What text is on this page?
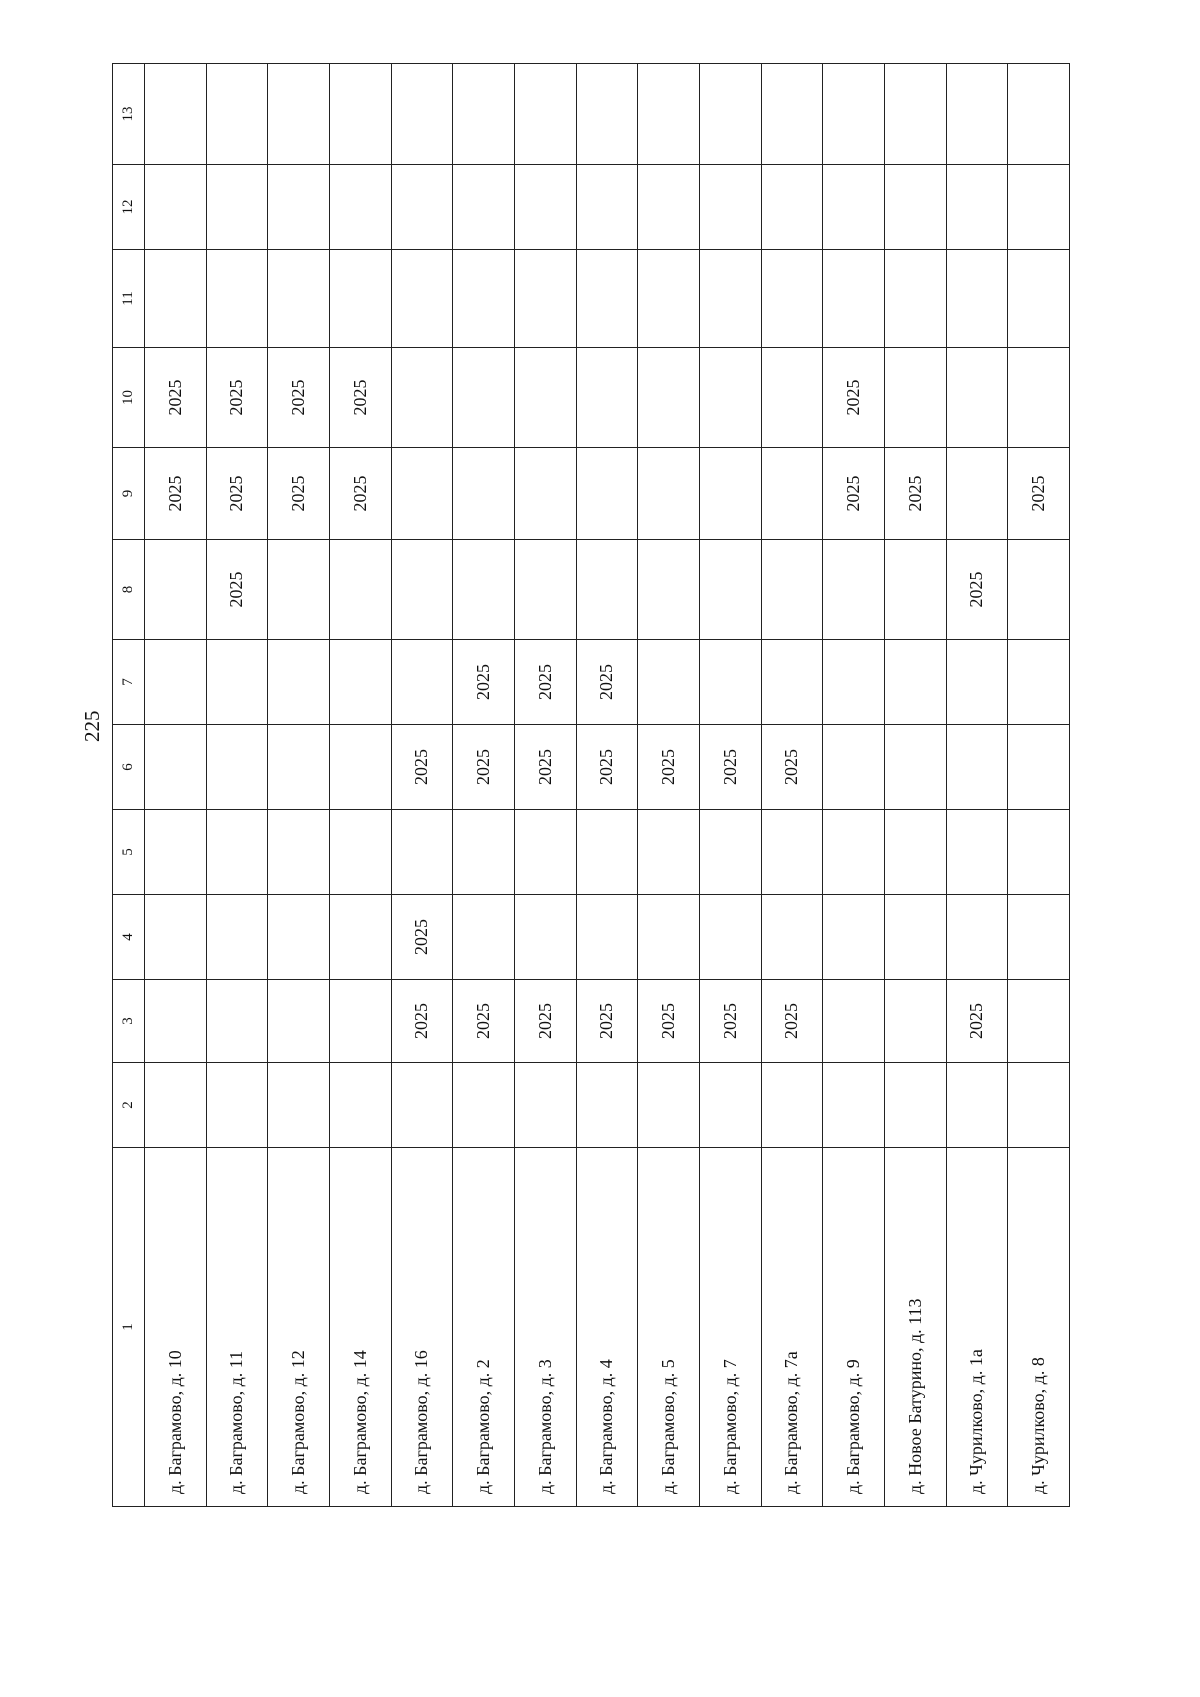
225
1	2	3	4	5	6	7	8	9	10	11	12	13
д. Баграмово, д. 10								2025	2025			
д. Баграмово, д. 11							2025	2025	2025			
д. Баграмово, д. 12								2025	2025			
д. Баграмово, д. 14								2025	2025			
д. Баграмово, д. 16		2025	2025		2025							
д. Баграмово, д. 2		2025			2025	2025						
д. Баграмово, д. 3		2025			2025	2025						
д. Баграмово, д. 4		2025			2025	2025						
д. Баграмово, д. 5		2025			2025							
д. Баграмово, д. 7		2025			2025							
д. Баграмово, д. 7а		2025			2025							
д. Баграмово, д. 9								2025	2025			
д. Новое Батурино, д. 113								2025				
д. Чурилково, д. 1а		2025					2025					
д. Чурилково, д. 8								2025				
